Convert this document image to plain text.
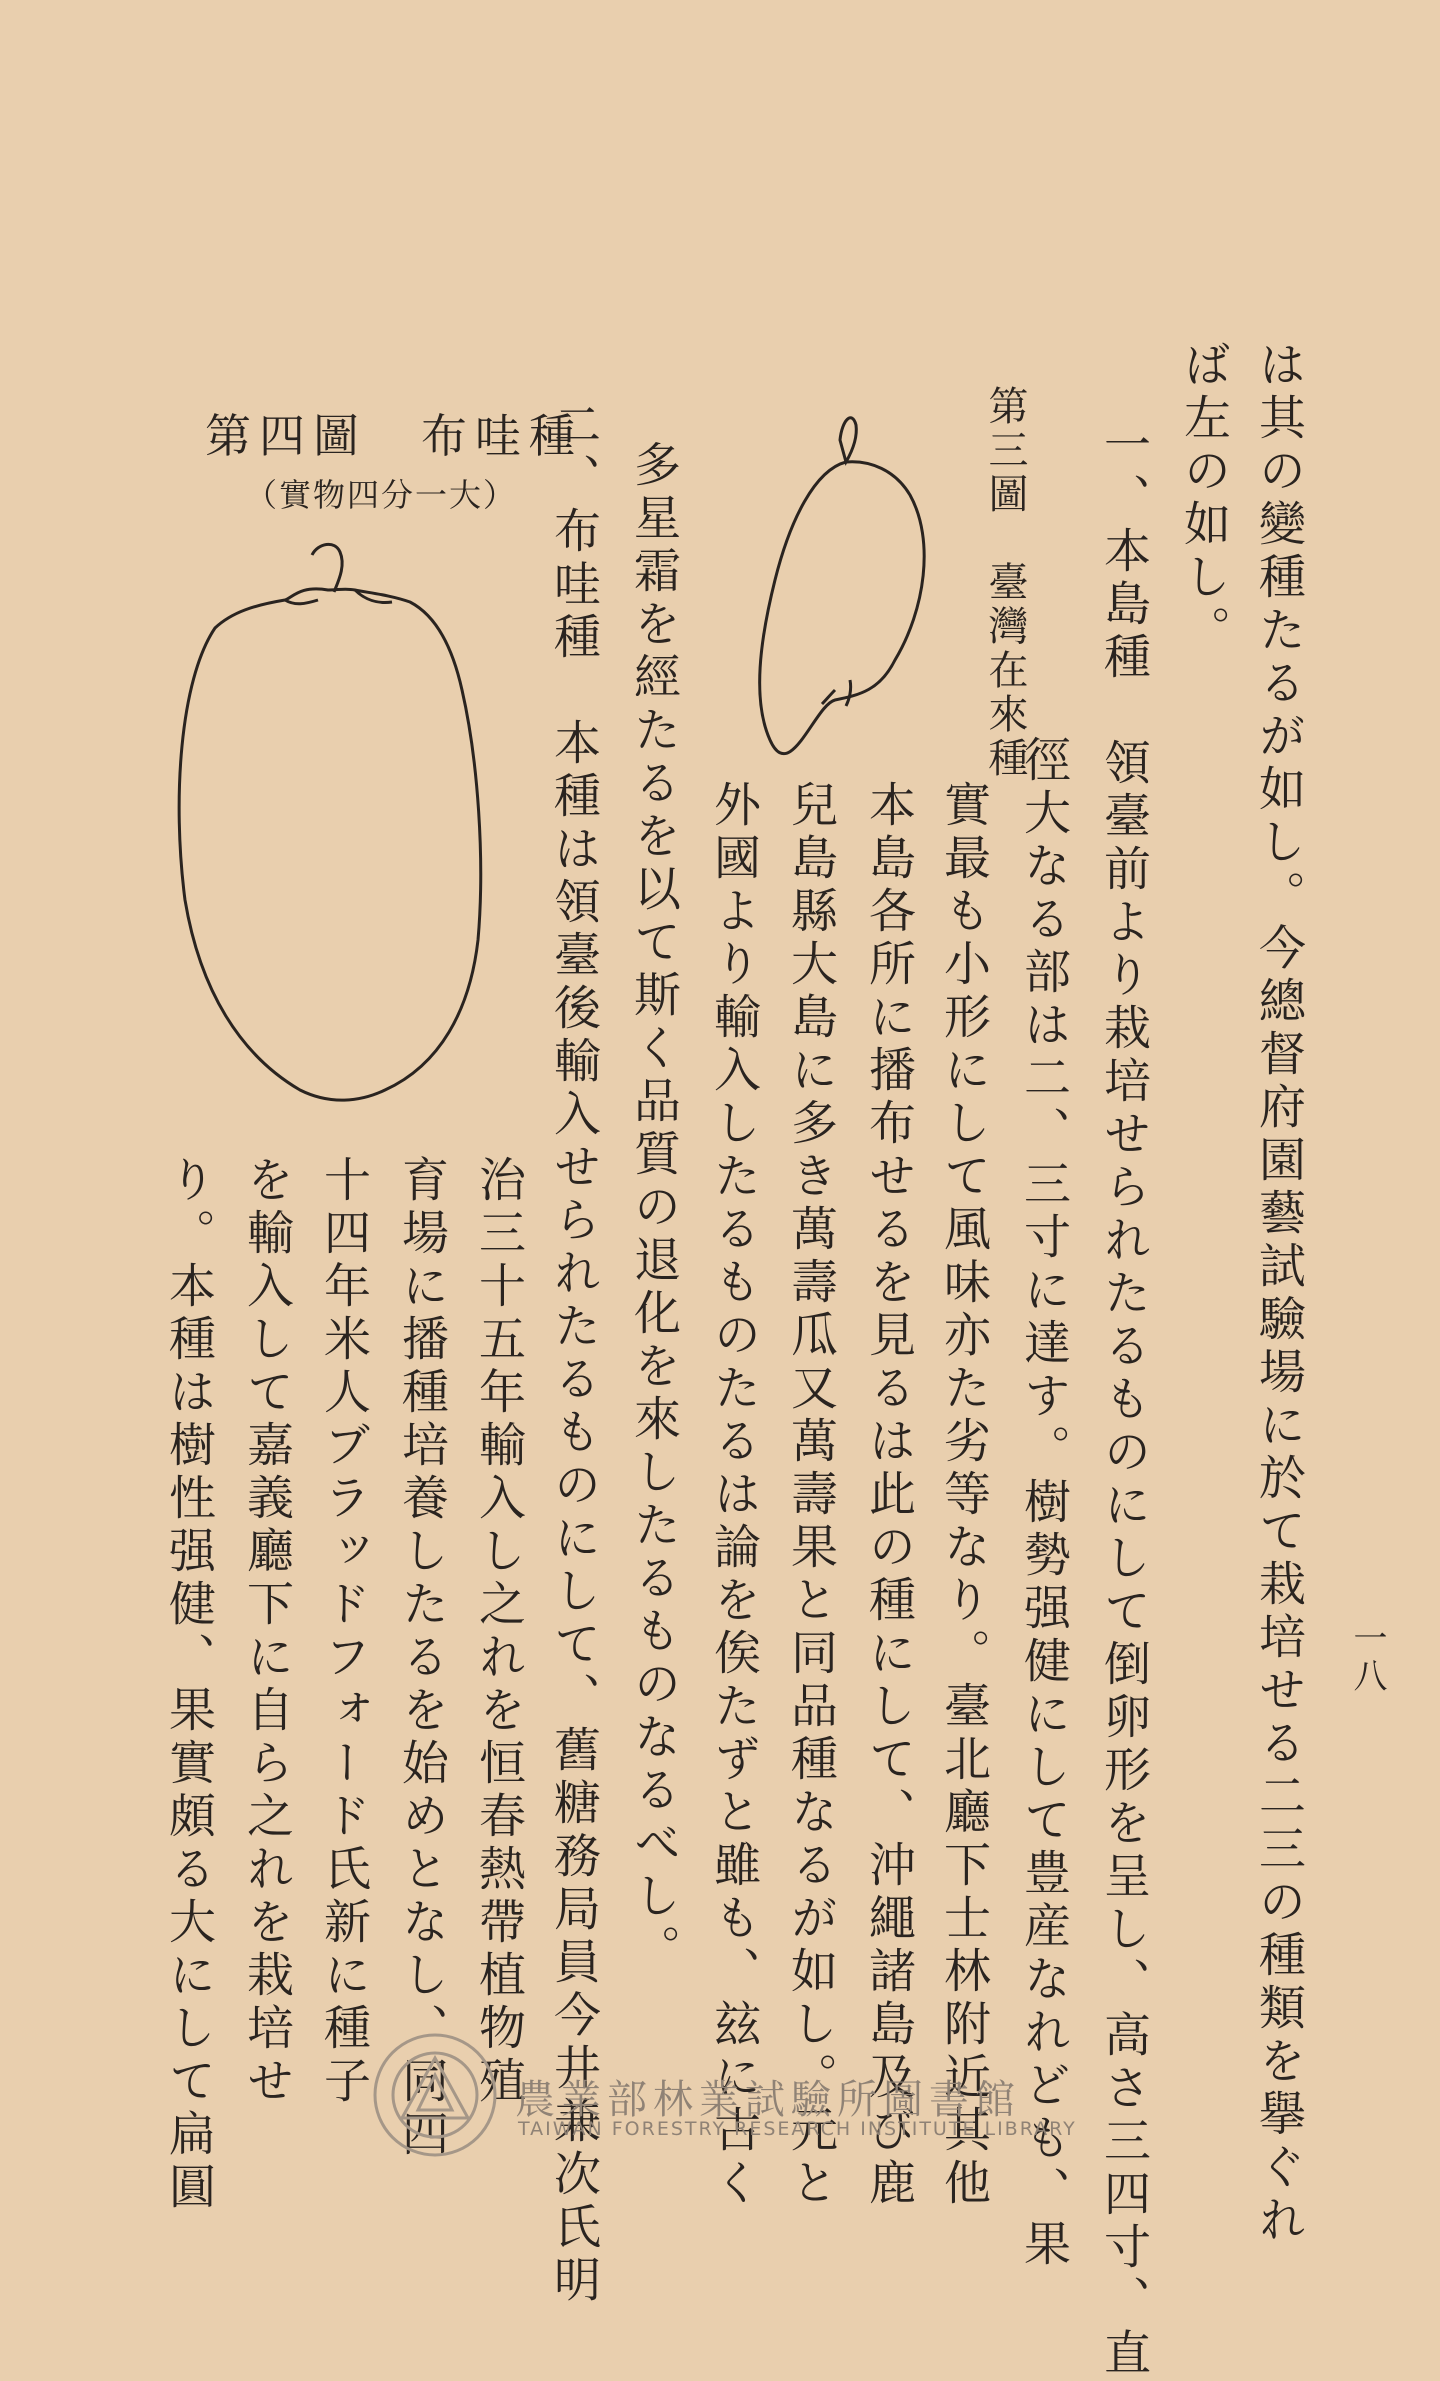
一八
は其の變種たるが如し。今總督府園藝試驗場に於て栽培せる二三の種類を擧ぐれ
ば左の如し。
一、本島種　領臺前より栽培せられたるものにして倒卵形を呈し、高さ三四寸、直
徑大なる部は二、三寸に達す。樹勢强健にして豊産なれども、果
實最も小形にして風味亦た劣等なり。臺北廳下士林附近其他
本島各所に播布せるを見るは此の種にして、沖繩諸島及び鹿
兒島縣大島に多き萬壽瓜又萬壽果と同品種なるが如し。元と
外國より輸入したるものたるは論を俟たずと雖も、玆に古く
多星霜を經たるを以て斯く品質の退化を來したるものなるべし。
二、布哇種　本種は領臺後輸入せられたるものにして、舊糖務局員今井兼次氏明
治三十五年輸入し之れを恒春熱帶植物殖
育場に播種培養したるを始めとなし、同四
十四年米人ブラッドフォード氏新に種子
を輸入して嘉義廳下に自ら之れを栽培せ
り。本種は樹性强健、果實頗る大にして扁圓
第三圖　臺灣在來種
第四圖　布哇種
（實物四分一大）
農業部林業試驗所圖書館
TAIWAN FORESTRY RESEARCH INSTITUTE LIBRARY
